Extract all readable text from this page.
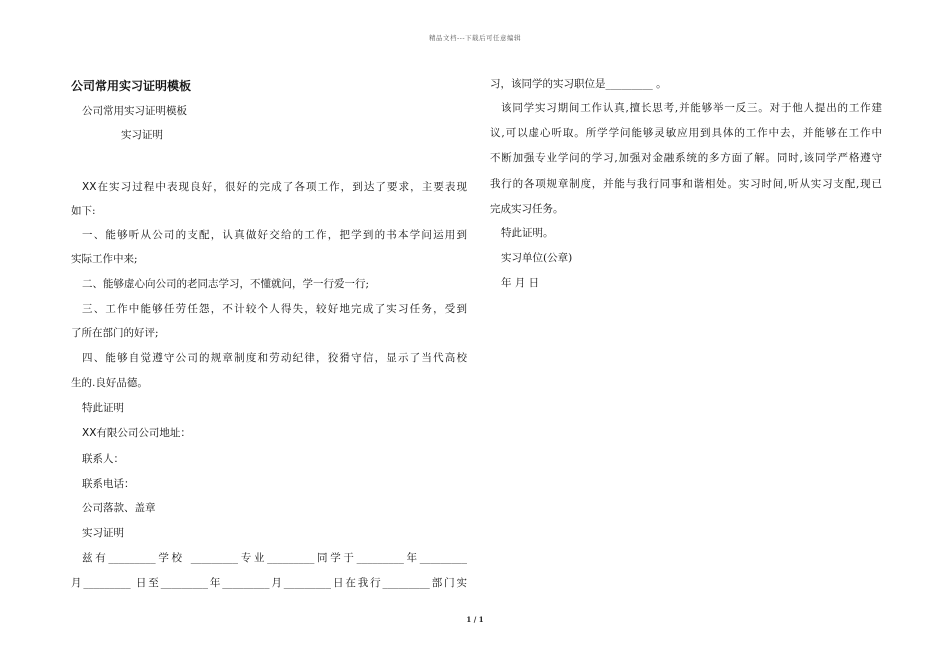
精品文档---下载后可任意编辑
公司常用实习证明模板
公司常用实习证明模板
实习证明
XX在实习过程中表现良好，很好的完成了各项工作，到达了要求，主要表现
如下:
一、能够听从公司的支配，认真做好交给的工作，把学到的书本学问运用到
实际工作中来;
二、能够虚心向公司的老同志学习，不懂就问，学一行爱一行;
三、工作中能够任劳任怨，不计较个人得失，较好地完成了实习任务，受到
了所在部门的好评;
四、能够自觉遵守公司的规章制度和劳动纪律，狡猾守信，显示了当代高校
生的.良好品德。
特此证明
XX有限公司公司地址：
联系人：
联系电话：
公司落款、盖章
实习证明
兹有_________学校 _________专业_________同学于_________年_________
月_________ 日至_________年_________月_________日在我行_________部门实
习，该同学的实习职位是_________ 。
该同学实习期间工作认真,擅长思考,并能够举一反三。对于他人提出的工作建
议,可以虚心听取。所学学问能够灵敏应用到具体的工作中去，并能够在工作中
不断加强专业学问的学习,加强对金融系统的多方面了解。同时,该同学严格遵守
我行的各项规章制度，并能与我行同事和谐相处。实习时间,听从实习支配,现已
完成实习任务。
特此证明。
实习单位(公章)
年 月 日
1 / 1
